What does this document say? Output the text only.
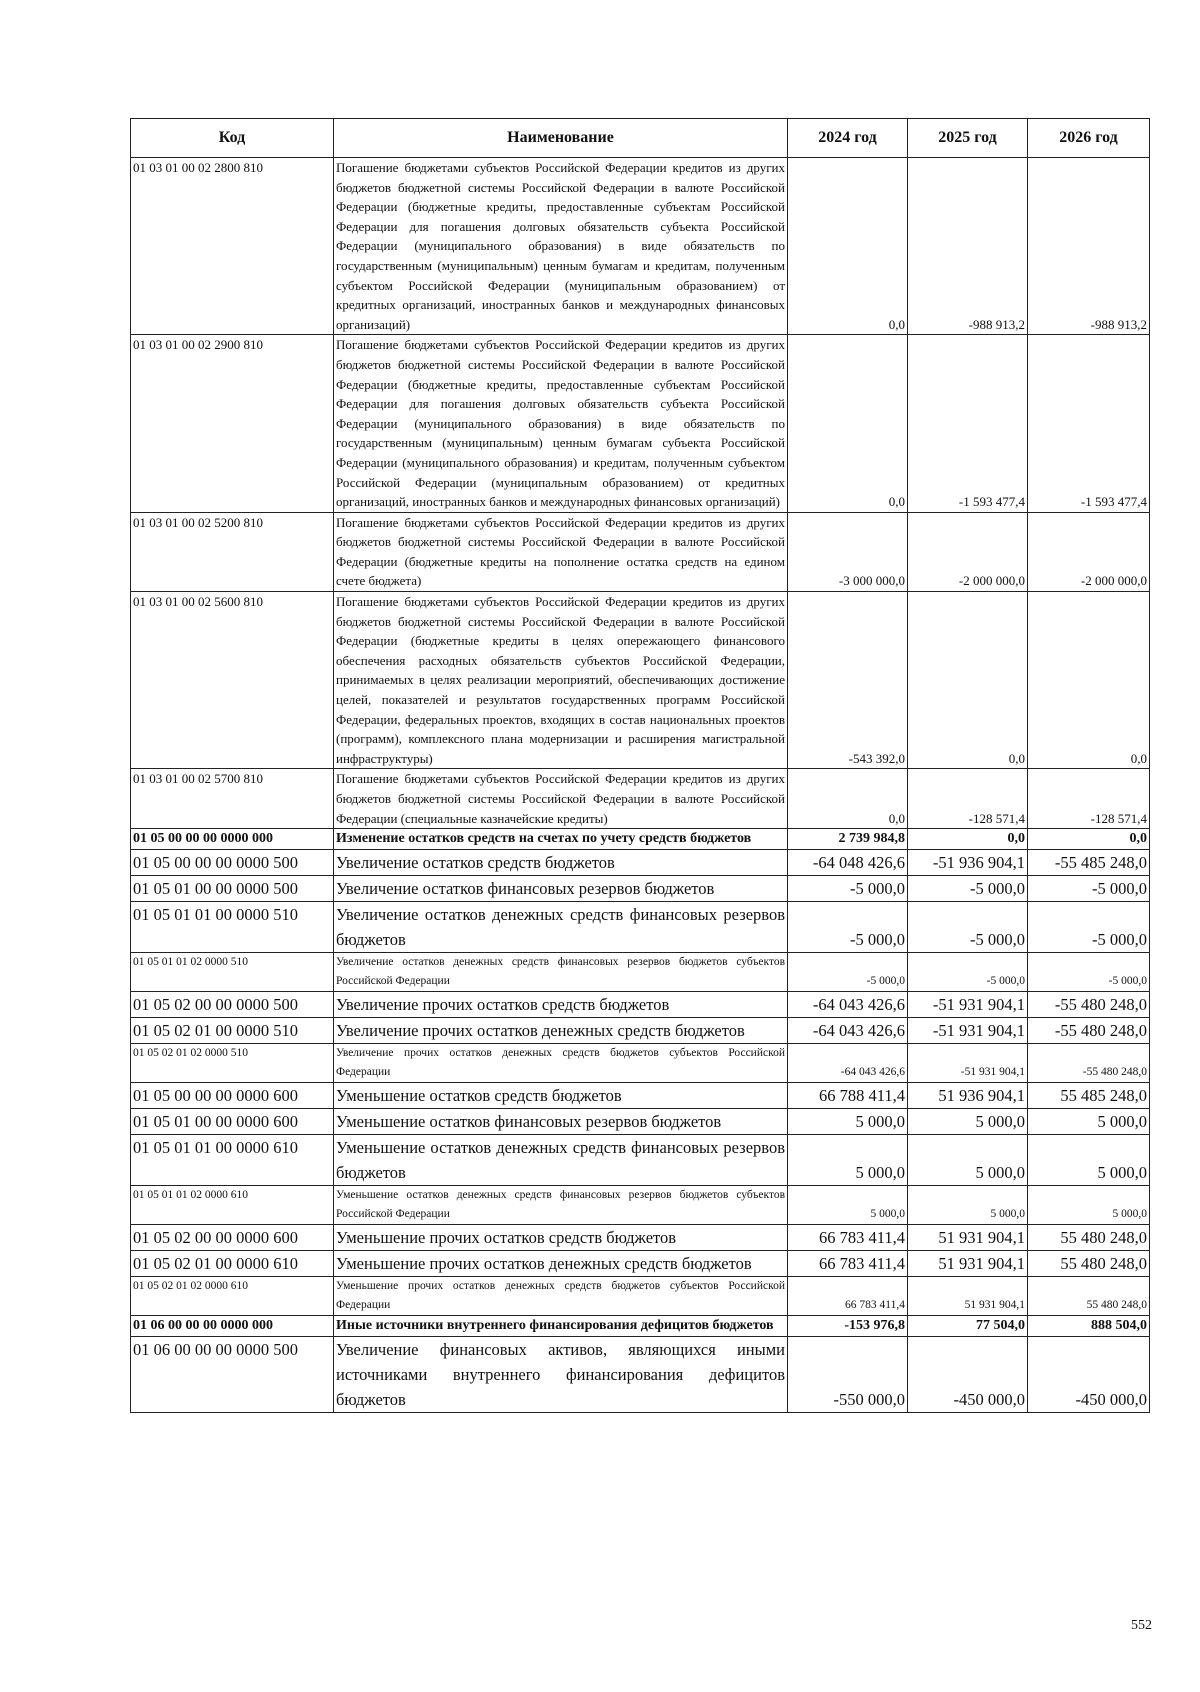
Код	Наименование	2024 год	2025 год	2026 год
01 03 01 00 02 2800 810	Погашение бюджетами субъектов Российской Федерации кредитов из других бюджетов бюджетной системы Российской Федерации в валюте Российской Федерации (бюджетные кредиты, предоставленные субъектам Российской Федерации для погашения долговых обязательств субъекта Российской Федерации (муниципального образования) в виде обязательств по государственным (муниципальным) ценным бумагам и кредитам, полученным субъектом Российской Федерации (муниципальным образованием) от кредитных организаций, иностранных банков и международных финансовых организаций)	0,0	-988 913,2	-988 913,2
01 03 01 00 02 2900 810	Погашение бюджетами субъектов Российской Федерации кредитов из других бюджетов бюджетной системы Российской Федерации в валюте Российской Федерации (бюджетные кредиты, предоставленные субъектам Российской Федерации для погашения долговых обязательств субъекта Российской Федерации (муниципального образования) в виде обязательств по государственным (муниципальным) ценным бумагам субъекта Российской Федерации (муниципального образования) и кредитам, полученным субъектом Российской Федерации (муниципальным образованием) от кредитных организаций, иностранных банков и международных финансовых организаций)	0,0	-1 593 477,4	-1 593 477,4
01 03 01 00 02 5200 810	Погашение бюджетами субъектов Российской Федерации кредитов из других бюджетов бюджетной системы Российской Федерации в валюте Российской Федерации (бюджетные кредиты на пополнение остатка средств на едином счете бюджета)	-3 000 000,0	-2 000 000,0	-2 000 000,0
01 03 01 00 02 5600 810	Погашение бюджетами субъектов Российской Федерации кредитов из других бюджетов бюджетной системы Российской Федерации в валюте Российской Федерации (бюджетные кредиты в целях опережающего финансового обеспечения расходных обязательств субъектов Российской Федерации, принимаемых в целях реализации мероприятий, обеспечивающих достижение целей, показателей и результатов государственных программ Российской Федерации, федеральных проектов, входящих в состав национальных проектов (программ), комплексного плана модернизации и расширения магистральной инфраструктуры)	-543 392,0	0,0	0,0
01 03 01 00 02 5700 810	Погашение бюджетами субъектов Российской Федерации кредитов из других бюджетов бюджетной системы Российской Федерации в валюте Российской Федерации (специальные казначейские кредиты)	0,0	-128 571,4	-128 571,4
01 05 00 00 00 0000 000	Изменение остатков средств на счетах по учету средств бюджетов	2 739 984,8	0,0	0,0
01 05 00 00 00 0000 500	Увеличение остатков средств бюджетов	-64 048 426,6	-51 936 904,1	-55 485 248,0
01 05 01 00 00 0000 500	Увеличение остатков финансовых резервов бюджетов	-5 000,0	-5 000,0	-5 000,0
01 05 01 01 00 0000 510	Увеличение остатков денежных средств финансовых резервов бюджетов	-5 000,0	-5 000,0	-5 000,0
01 05 01 01 02 0000 510	Увеличение остатков денежных средств финансовых резервов бюджетов субъектов Российской Федерации	-5 000,0	-5 000,0	-5 000,0
01 05 02 00 00 0000 500	Увеличение прочих остатков средств бюджетов	-64 043 426,6	-51 931 904,1	-55 480 248,0
01 05 02 01 00 0000 510	Увеличение прочих остатков денежных средств бюджетов	-64 043 426,6	-51 931 904,1	-55 480 248,0
01 05 02 01 02 0000 510	Увеличение прочих остатков денежных средств бюджетов субъектов Российской Федерации	-64 043 426,6	-51 931 904,1	-55 480 248,0
01 05 00 00 00 0000 600	Уменьшение остатков средств бюджетов	66 788 411,4	51 936 904,1	55 485 248,0
01 05 01 00 00 0000 600	Уменьшение остатков финансовых резервов бюджетов	5 000,0	5 000,0	5 000,0
01 05 01 01 00 0000 610	Уменьшение остатков денежных средств финансовых резервов бюджетов	5 000,0	5 000,0	5 000,0
01 05 01 01 02 0000 610	Уменьшение остатков денежных средств финансовых резервов бюджетов субъектов Российской Федерации	5 000,0	5 000,0	5 000,0
01 05 02 00 00 0000 600	Уменьшение прочих остатков средств бюджетов	66 783 411,4	51 931 904,1	55 480 248,0
01 05 02 01 00 0000 610	Уменьшение прочих остатков денежных средств бюджетов	66 783 411,4	51 931 904,1	55 480 248,0
01 05 02 01 02 0000 610	Уменьшение прочих остатков денежных средств бюджетов субъектов Российской Федерации	66 783 411,4	51 931 904,1	55 480 248,0
01 06 00 00 00 0000 000	Иные источники внутреннего финансирования дефицитов бюджетов	-153 976,8	77 504,0	888 504,0
01 06 00 00 00 0000 500	Увеличение финансовых активов, являющихся иными источниками внутреннего финансирования дефицитов бюджетов	-550 000,0	-450 000,0	-450 000,0
552
